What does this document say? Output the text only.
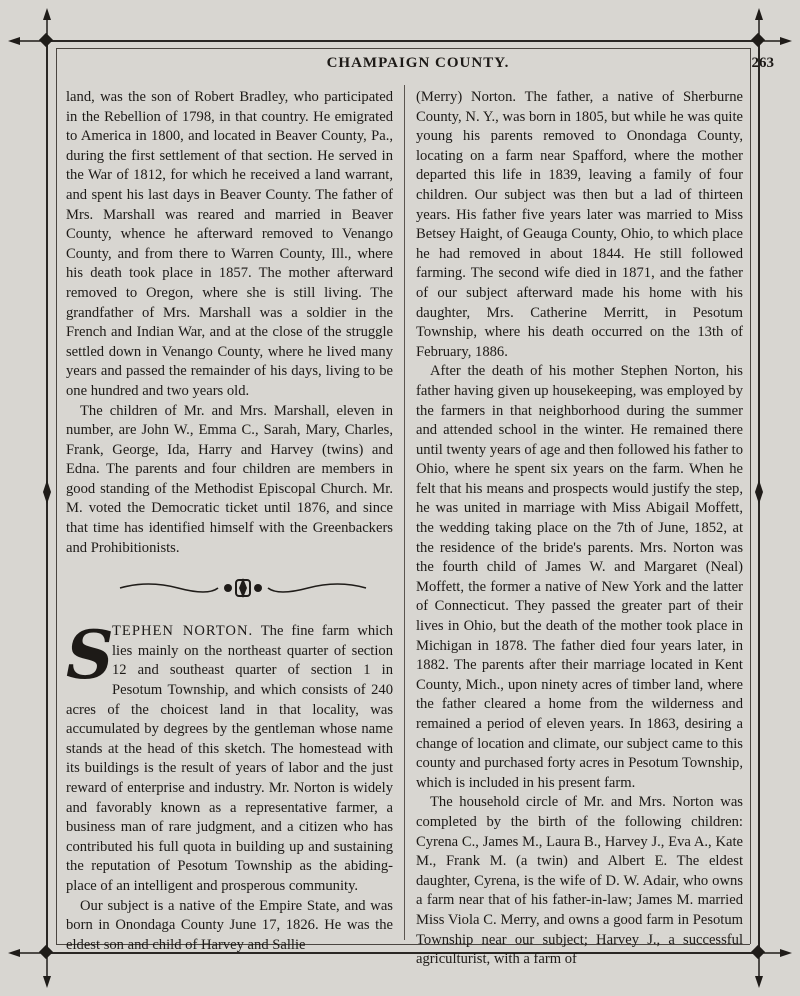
CHAMPAIGN COUNTY.	263

land, was the son of Robert Bradley, who participated in the Rebellion of 1798, in that country. He emigrated to America in 1800, and located in Beaver County, Pa., during the first settlement of that section. He served in the War of 1812, for which he received a land warrant, and spent his last days in Beaver County. The father of Mrs. Marshall was reared and married in Beaver County, whence he afterward removed to Venango County, and from there to Warren County, Ill., where his death took place in 1857. The mother afterward removed to Oregon, where she is still living. The grandfather of Mrs. Marshall was a soldier in the French and Indian War, and at the close of the struggle settled down in Venango County, where he lived many years and passed the remainder of his days, living to be one hundred and two years old.

The children of Mr. and Mrs. Marshall, eleven in number, are John W., Emma C., Sarah, Mary, Charles, Frank, George, Ida, Harry and Harvey (twins) and Edna. The parents and four children are members in good standing of the Methodist Episcopal Church. Mr. M. voted the Democratic ticket until 1876, and since that time has identified himself with the Greenbackers and Prohibitionists.

S
TEPHEN NORTON. The fine farm which lies mainly on the northeast quarter of section 12 and southeast quarter of section 1 in Pesotum Township, and which consists of 240 acres of the choicest land in that locality, was accumulated by degrees by the gentleman whose name stands at the head of this sketch. The homestead with its buildings is the result of years of labor and the just reward of enterprise and industry. Mr. Norton is widely and favorably known as a representative farmer, a business man of rare judgment, and a citizen who has contributed his full quota in building up and sustaining the reputation of Pesotum Township as the abiding-place of an intelligent and prosperous community.

Our subject is a native of the Empire State, and was born in Onondaga County June 17, 1826. He was the eldest son and child of Harvey and Sallie

(Merry) Norton. The father, a native of Sherburne County, N. Y., was born in 1805, but while he was quite young his parents removed to Onondaga County, locating on a farm near Spafford, where the mother departed this life in 1839, leaving a family of four children. Our subject was then but a lad of thirteen years. His father five years later was married to Miss Betsey Haight, of Geauga County, Ohio, to which place he had removed in about 1844. He still followed farming. The second wife died in 1871, and the father of our subject afterward made his home with his daughter, Mrs. Catherine Merritt, in Pesotum Township, where his death occurred on the 13th of February, 1886.

After the death of his mother Stephen Norton, his father having given up housekeeping, was employed by the farmers in that neighborhood during the summer and attended school in the winter. He remained there until twenty years of age and then followed his father to Ohio, where he spent six years on the farm. When he felt that his means and prospects would justify the step, he was united in marriage with Miss Abigail Moffett, the wedding taking place on the 7th of June, 1852, at the residence of the bride's parents. Mrs. Norton was the fourth child of James W. and Margaret (Neal) Moffett, the former a native of New York and the latter of Connecticut. They passed the greater part of their lives in Ohio, but the death of the mother took place in Michigan in 1878. The father died four years later, in 1882. The parents after their marriage located in Kent County, Mich., upon ninety acres of timber land, where the father cleared a home from the wilderness and remained a period of eleven years. In 1863, desiring a change of location and climate, our subject came to this county and purchased forty acres in Pesotum Township, which is included in his present farm.

The household circle of Mr. and Mrs. Norton was completed by the birth of the following children: Cyrena C., James M., Laura B., Harvey J., Eva A., Kate M., Frank M. (a twin) and Albert E. The eldest daughter, Cyrena, is the wife of D. W. Adair, who owns a farm near that of his father-in-law; James M. married Miss Viola C. Merry, and owns a good farm in Pesotum Township near our subject; Harvey J., a successful agriculturist, with a farm of
